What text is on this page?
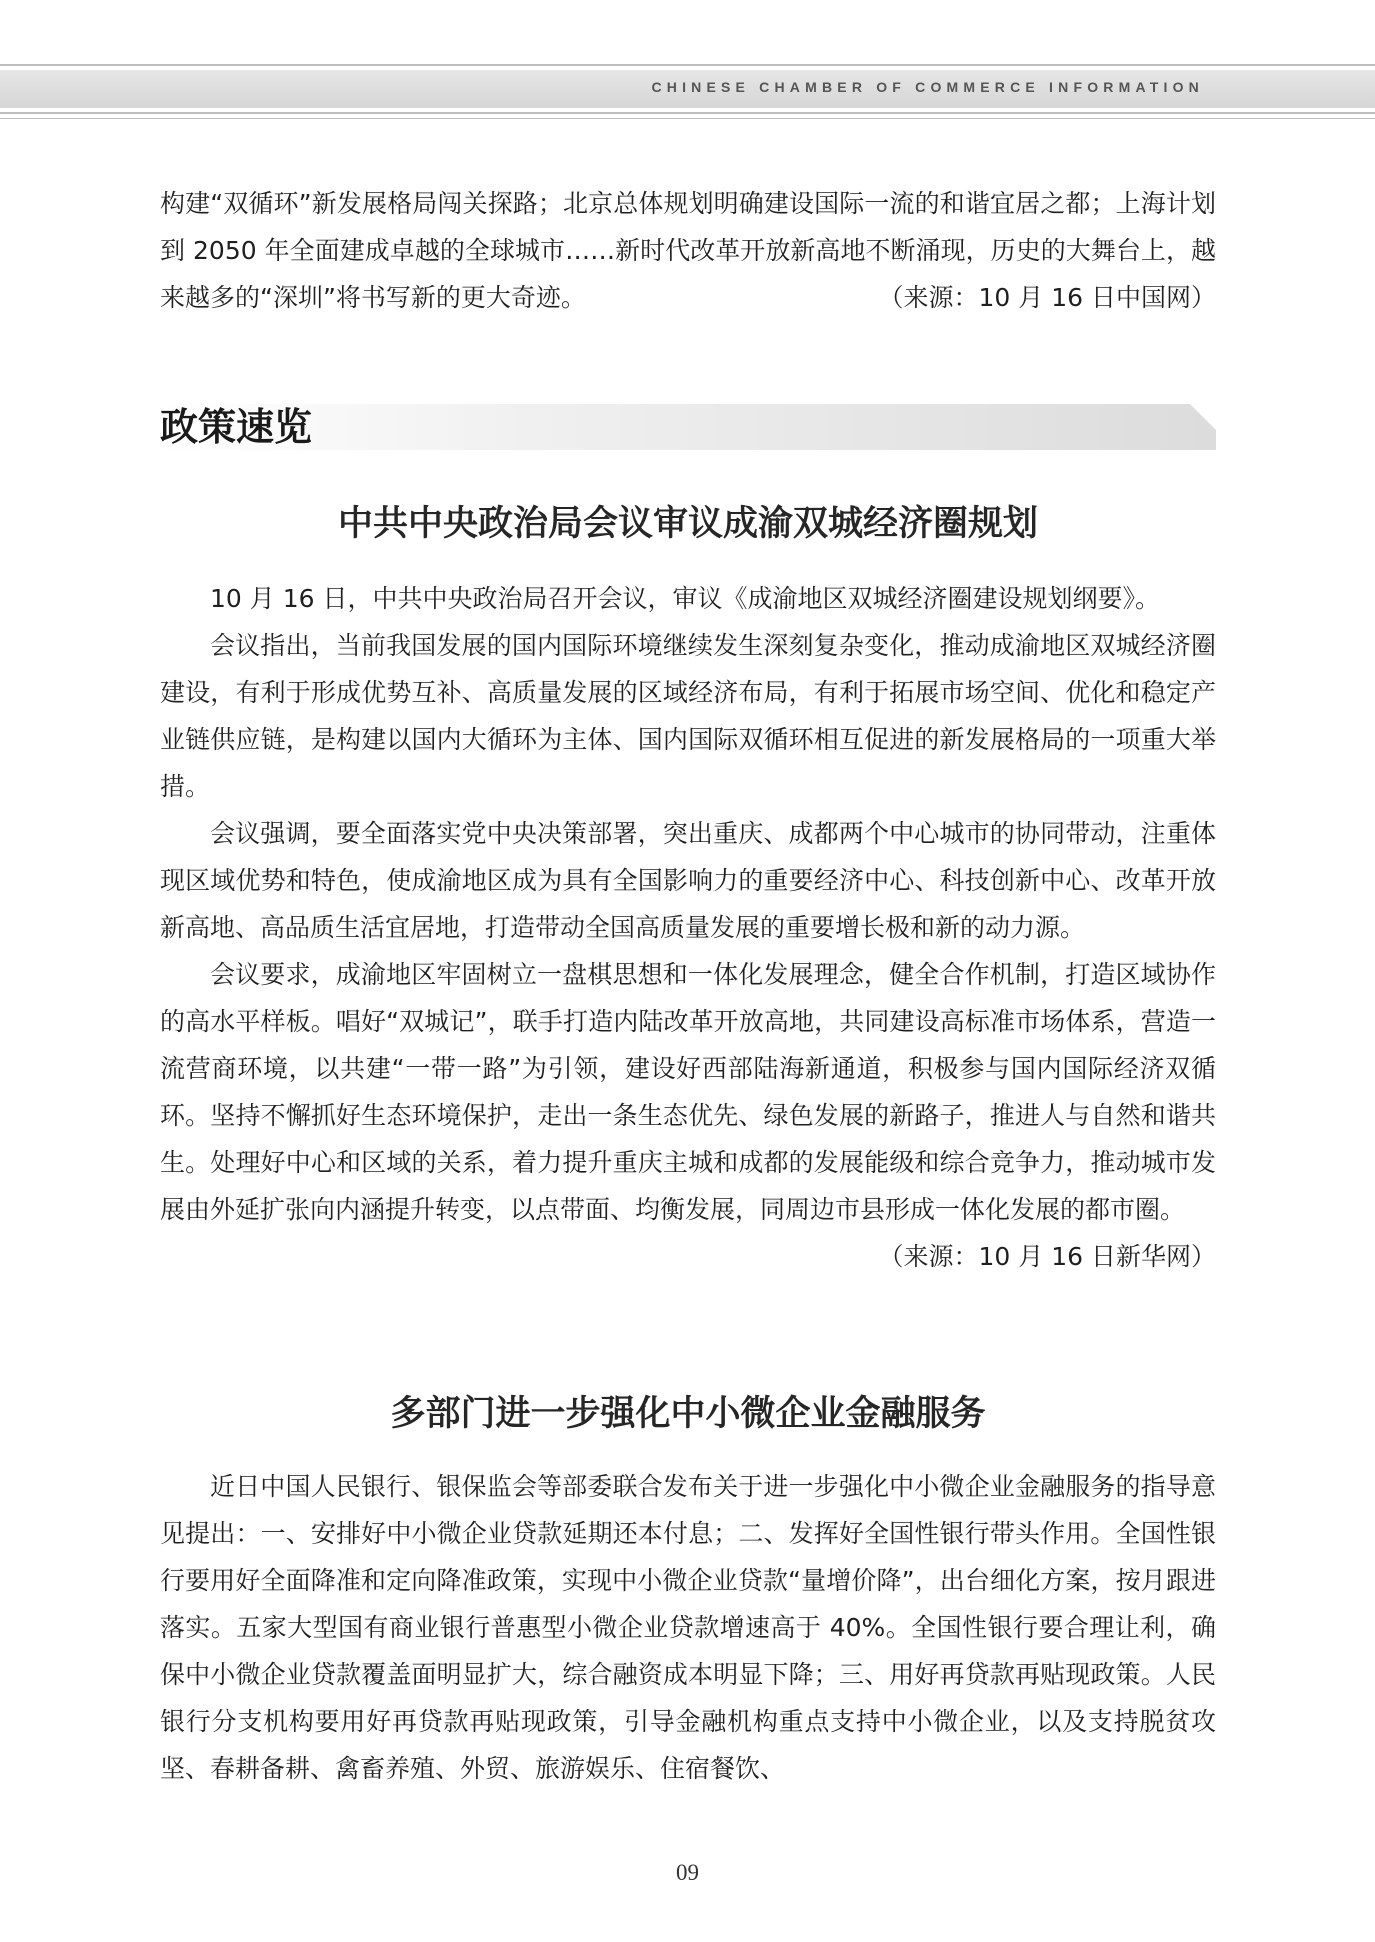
CHINESE CHAMBER OF COMMERCE INFORMATION

构建“双循环”新发展格局闯关探路；北京总体规划明确建设国际一流的和谐宜居之都；上海计划到 2050 年全面建成卓越的全球城市……新时代改革开放新高地不断涌现，历史的大舞台上，越来越多的“深圳”将书写新的更大奇迹。	（来源：10 月 16 日中国网）

政策速览
中共中央政治局会议审议成渝双城经济圈规划

10 月 16 日，中共中央政治局召开会议，审议《成渝地区双城经济圈建设规划纲要》。

会议指出，当前我国发展的国内国际环境继续发生深刻复杂变化，推动成渝地区双城经济圈建设，有利于形成优势互补、高质量发展的区域经济布局，有利于拓展市场空间、优化和稳定产业链供应链，是构建以国内大循环为主体、国内国际双循环相互促进的新发展格局的一项重大举措。

会议强调，要全面落实党中央决策部署，突出重庆、成都两个中心城市的协同带动，注重体现区域优势和特色，使成渝地区成为具有全国影响力的重要经济中心、科技创新中心、改革开放新高地、高品质生活宜居地，打造带动全国高质量发展的重要增长极和新的动力源。

会议要求，成渝地区牢固树立一盘棋思想和一体化发展理念，健全合作机制，打造区域协作的高水平样板。唱好“双城记”，联手打造内陆改革开放高地，共同建设高标准市场体系，营造一流营商环境，以共建“一带一路”为引领，建设好西部陆海新通道，积极参与国内国际经济双循环。坚持不懈抓好生态环境保护，走出一条生态优先、绿色发展的新路子，推进人与自然和谐共生。处理好中心和区域的关系，着力提升重庆主城和成都的发展能级和综合竞争力，推动城市发展由外延扩张向内涵提升转变，以点带面、均衡发展，同周边市县形成一体化发展的都市圈。
（来源：10 月 16 日新华网）

多部门进一步强化中小微企业金融服务

近日中国人民银行、银保监会等部委联合发布关于进一步强化中小微企业金融服务的指导意见提出：一、安排好中小微企业贷款延期还本付息；二、发挥好全国性银行带头作用。全国性银行要用好全面降准和定向降准政策，实现中小微企业贷款“量增价降”，出台细化方案，按月跟进落实。五家大型国有商业银行普惠型小微企业贷款增速高于 40%。全国性银行要合理让利，确保中小微企业贷款覆盖面明显扩大，综合融资成本明显下降；三、用好再贷款再贴现政策。人民银行分支机构要用好再贷款再贴现政策，引导金融机构重点支持中小微企业，以及支持脱贫攻坚、春耕备耕、禽畜养殖、外贸、旅游娱乐、住宿餐饮、

09
